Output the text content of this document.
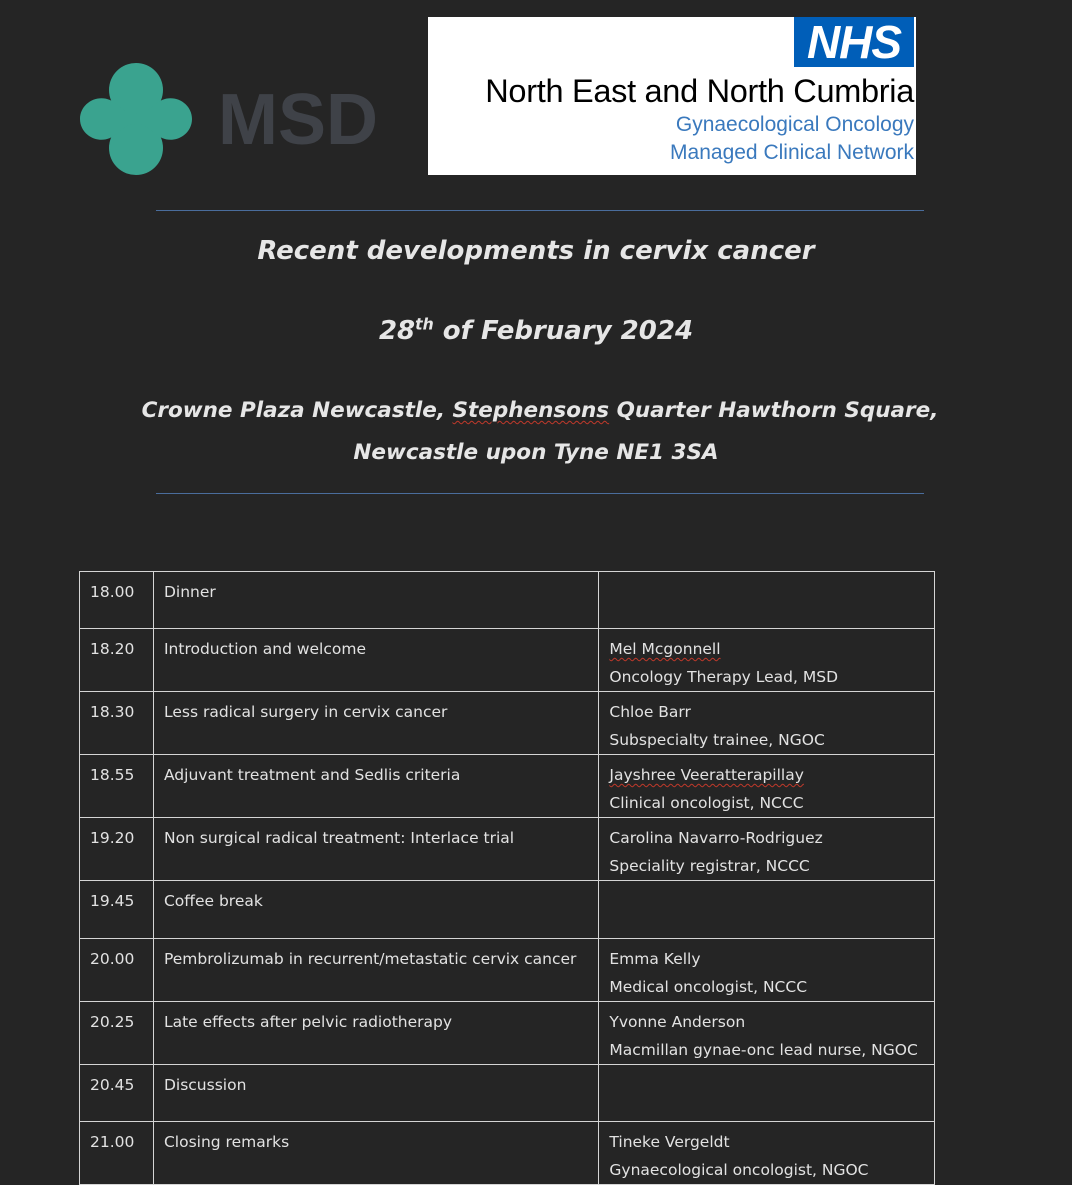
MSD
NHS
North East and North Cumbria
Gynaecological Oncology
Managed Clinical Network
Recent developments in cervix cancer
28th of February 2024
Crowne Plaza Newcastle, Stephensons Quarter Hawthorn Square,
Newcastle upon Tyne NE1 3SA
18.00	Dinner	

18.20	Introduction and welcome	Mel Mcgonnell
Oncology Therapy Lead, MSD

18.30	Less radical surgery in cervix cancer	Chloe Barr
Subspecialty trainee, NGOC

18.55	Adjuvant treatment and Sedlis criteria	Jayshree Veeratterapillay
Clinical oncologist, NCCC

19.20	Non surgical radical treatment: Interlace trial	Carolina Navarro-Rodriguez
Speciality registrar, NCCC

19.45	Coffee break	

20.00	Pembrolizumab in recurrent/metastatic cervix cancer	Emma Kelly
Medical oncologist, NCCC

20.25	Late effects after pelvic radiotherapy	Yvonne Anderson
Macmillan gynae-onc lead nurse, NGOC

20.45	Discussion	

21.00	Closing remarks	Tineke Vergeldt
Gynaecological oncologist, NGOC
